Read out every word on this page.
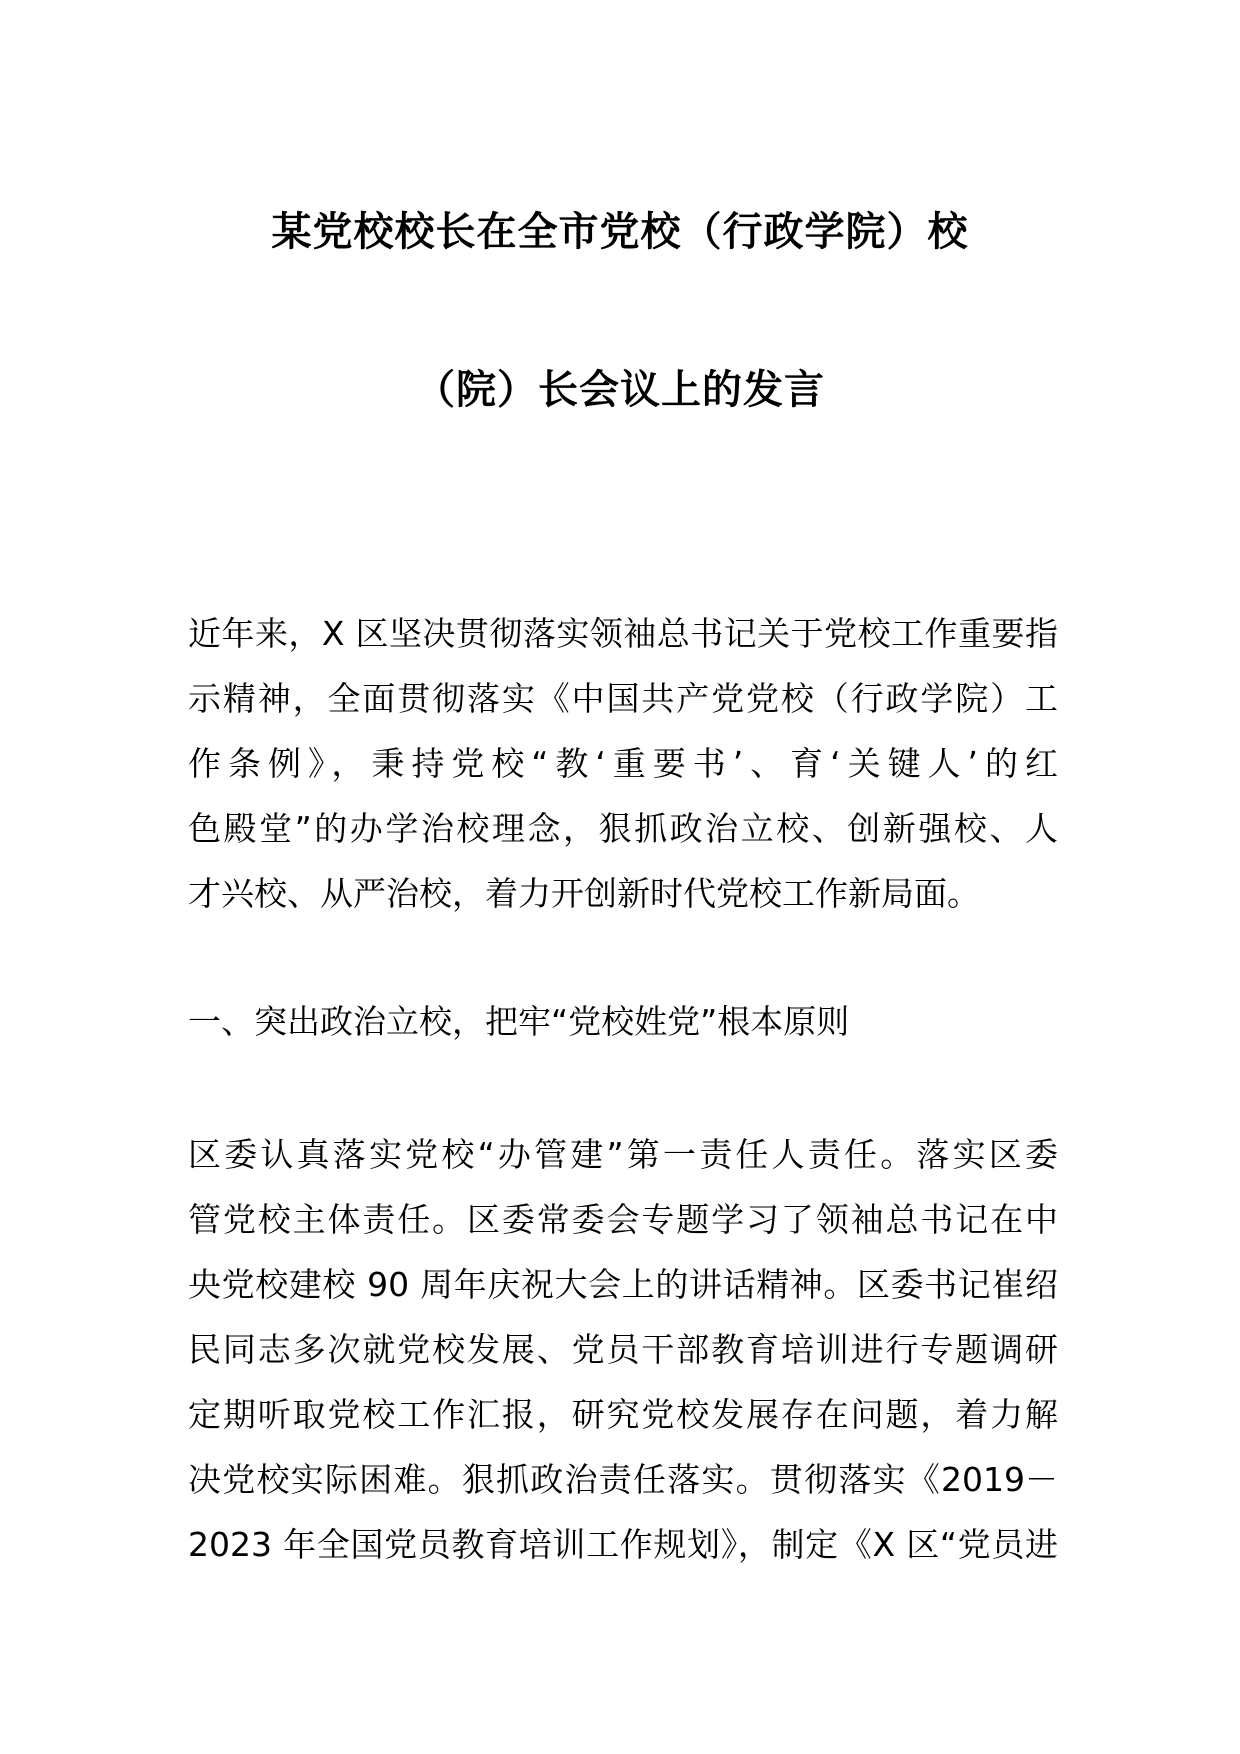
某党校校长在全市党校（行政学院）校
（院）长会议上的发言
近年来，X 区坚决贯彻落实领袖总书记关于党校工作重要指
示精神，全面贯彻落实《中国共产党党校（行政学院）工
作条例》，秉持党校“教‘重要书’、育‘关键人’的红
色殿堂”的办学治校理念，狠抓政治立校、创新强校、人
才兴校、从严治校，着力开创新时代党校工作新局面。
一、突出政治立校，把牢“党校姓党”根本原则
区委认真落实党校“办管建”第一责任人责任。落实区委
管党校主体责任。区委常委会专题学习了领袖总书记在中
央党校建校 90 周年庆祝大会上的讲话精神。区委书记崔绍
民同志多次就党校发展、党员干部教育培训进行专题调研
定期听取党校工作汇报，研究党校发展存在问题，着力解
决党校实际困难。狠抓政治责任落实。贯彻落实《2019－
2023 年全国党员教育培训工作规划》，制定《X 区“党员进
